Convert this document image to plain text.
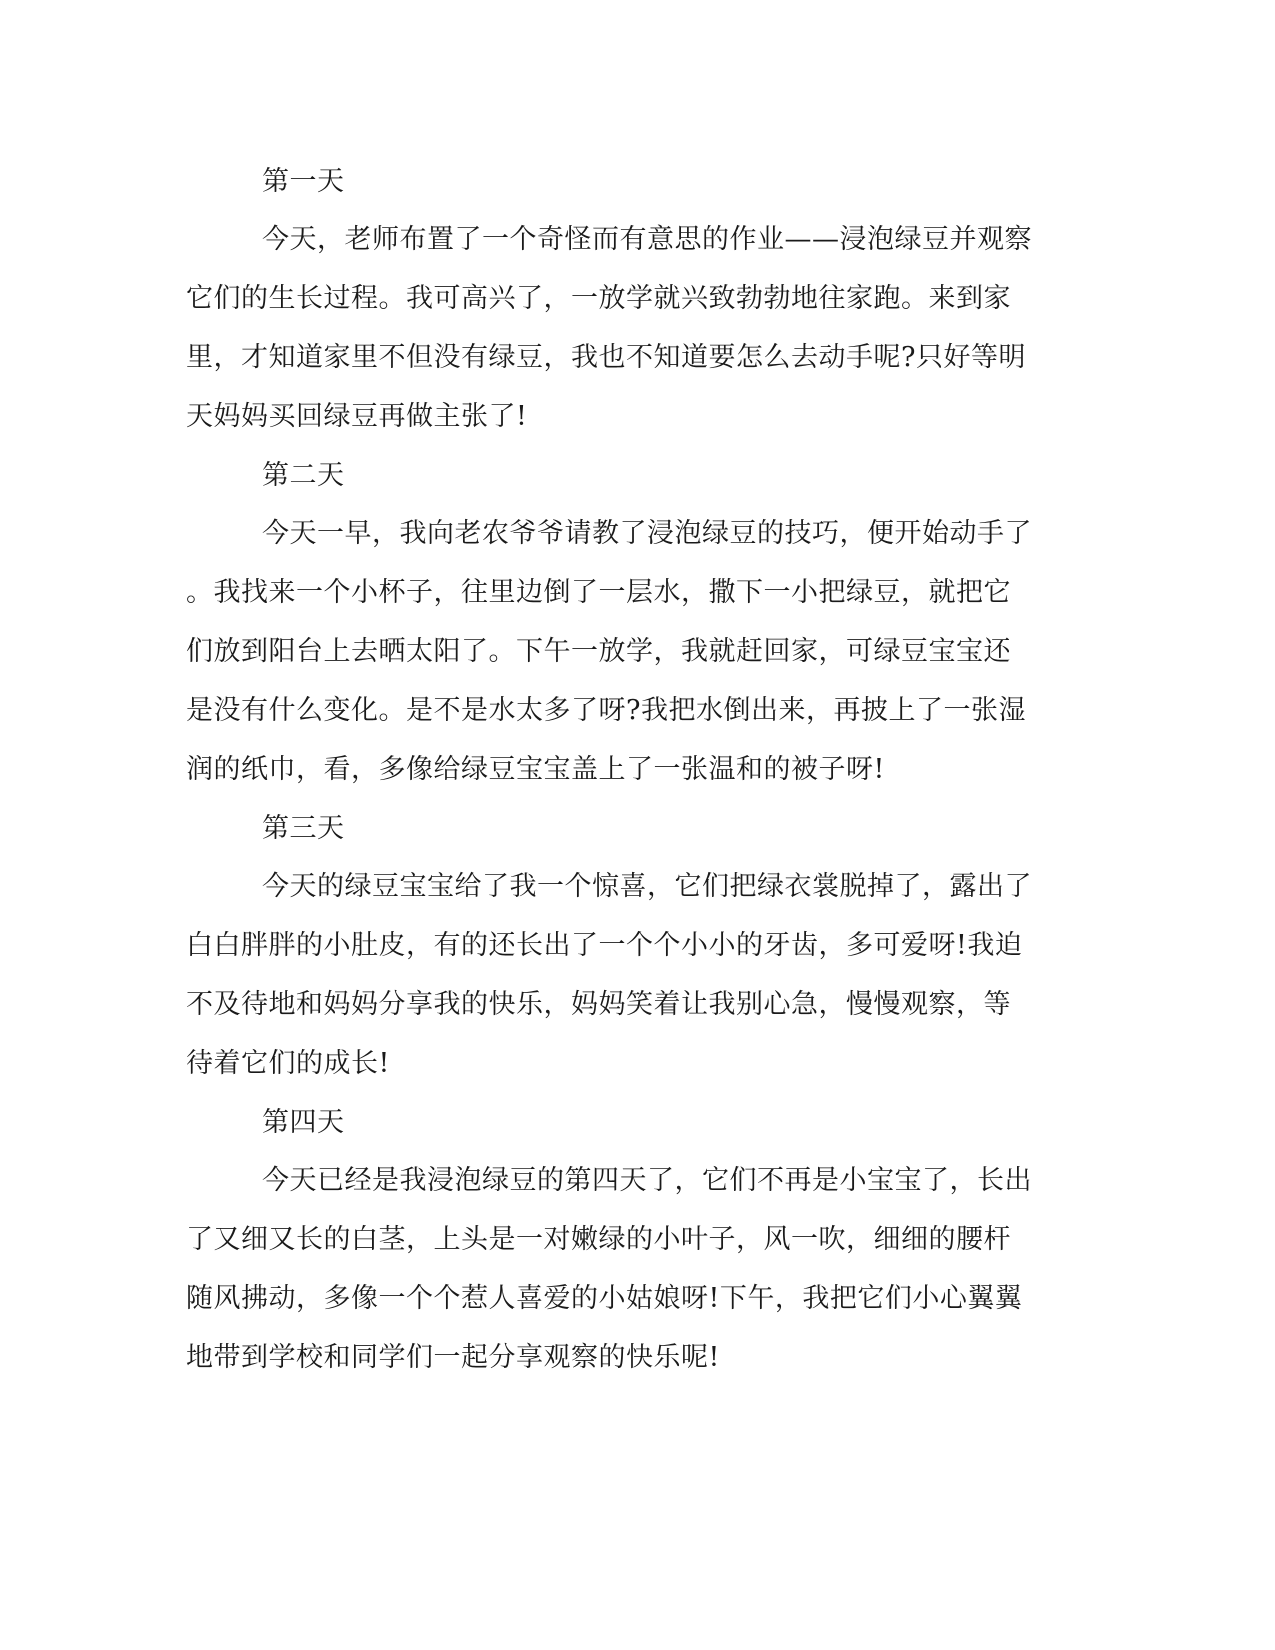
第一天
今天，老师布置了一个奇怪而有意思的作业——浸泡绿豆并观察
它们的生长过程。我可高兴了，一放学就兴致勃勃地往家跑。来到家
里，才知道家里不但没有绿豆，我也不知道要怎么去动手呢?只好等明
天妈妈买回绿豆再做主张了!
第二天
今天一早，我向老农爷爷请教了浸泡绿豆的技巧，便开始动手了
。我找来一个小杯子，往里边倒了一层水，撒下一小把绿豆，就把它
们放到阳台上去晒太阳了。下午一放学，我就赶回家，可绿豆宝宝还
是没有什么变化。是不是水太多了呀?我把水倒出来，再披上了一张湿
润的纸巾，看，多像给绿豆宝宝盖上了一张温和的被子呀!
第三天
今天的绿豆宝宝给了我一个惊喜，它们把绿衣裳脱掉了，露出了
白白胖胖的小肚皮，有的还长出了一个个小小的牙齿，多可爱呀!我迫
不及待地和妈妈分享我的快乐，妈妈笑着让我别心急，慢慢观察，等
待着它们的成长!
第四天
今天已经是我浸泡绿豆的第四天了，它们不再是小宝宝了，长出
了又细又长的白茎，上头是一对嫩绿的小叶子，风一吹，细细的腰杆
随风拂动，多像一个个惹人喜爱的小姑娘呀!下午，我把它们小心翼翼
地带到学校和同学们一起分享观察的快乐呢!
